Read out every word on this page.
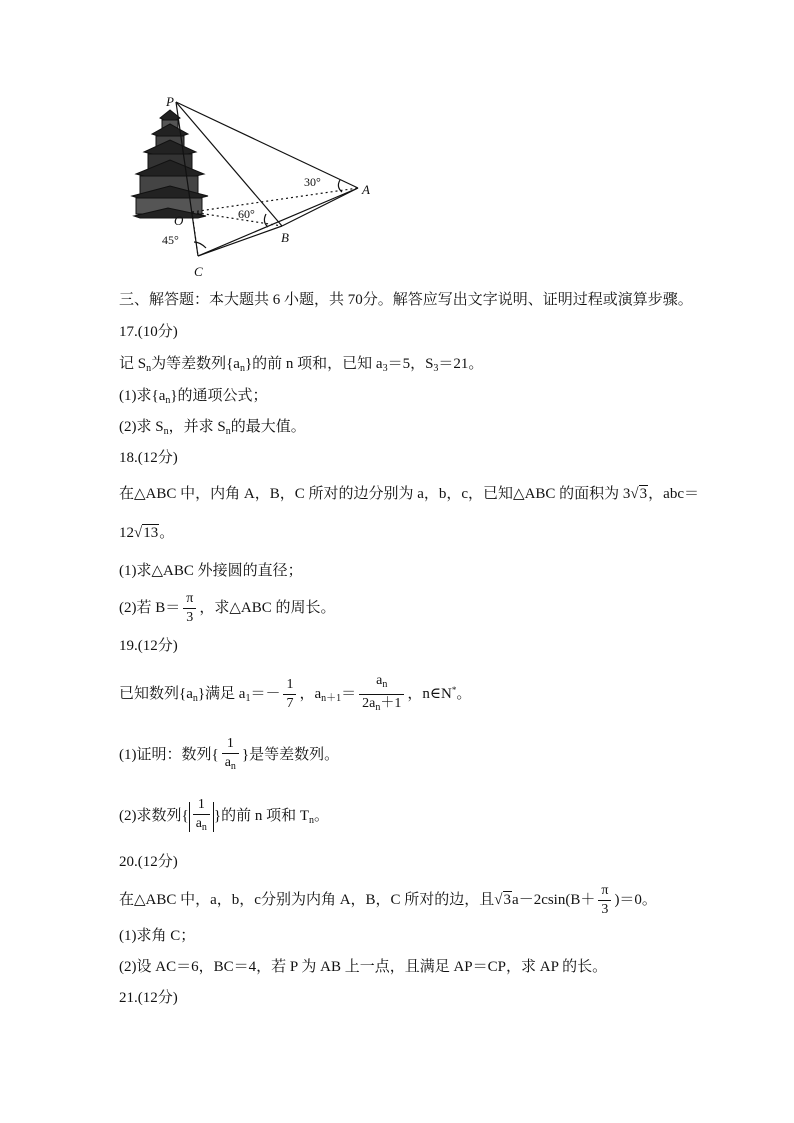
P
A
B
C
O
30°
60°
45°
三、解答题：本大题共 6 小题，共 70分。解答应写出文字说明、证明过程或演算步骤。
17.(10分)
记 $S_n$为等差数列$\{a_n\}$的前 n 项和，已知 $a_3=5$，$S_3=21$。
(1)求$\{a_n\}$的通项公式；
(2)求 $S_n$，并求 $S_n$的最大值。
18.(12分)
在△ABC 中，内角 A，B，C 所对的边分别为 a，b，c，已知△ABC 的面积为 3√3，abc＝
12√13。
(1)求△ABC 外接圆的直径；
(2)若 $B= \frac{\pi}{3}$ ，求△ABC 的周长。
19.(12分)
已知数列$\{a_n\}$满足 $a_1=- \frac{1}{7}$ ，$a_{n+1}= \frac{a_n}{2a_n+1}$ ，n∈N*。
(1)证明：数列{ $\frac{1}{a_n}$ }是等差数列。
(2)求数列{ $\frac{1}{a_n}$ }的前 n 项和 $T_n$。
20.(12分)
在△ABC 中，a，b，c分别为内角 A，B，C 所对的边，且$√3a-2csin(B+ \frac{\pi}{3} )=0$。
(1)求角 C；
(2)设 AC＝6，BC＝4，若 P 为 AB 上一点，且满足 AP＝CP，求 AP 的长。
21.(12分)
